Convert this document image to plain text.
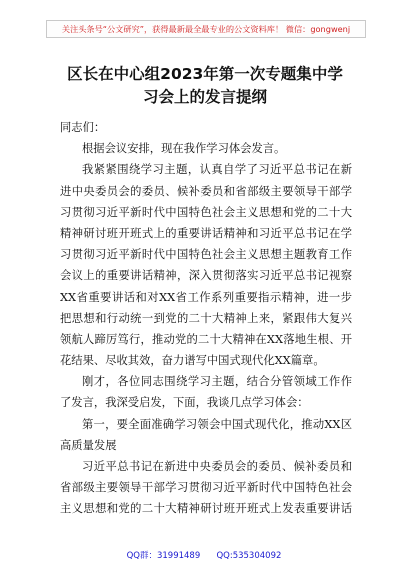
关注头条号“公文研究”，获得最新最全最专业的公文资料库！ 微信：gongwenj
区长在中心组2023年第一次专题集中学
习会上的发言提纲
同志们：
根据会议安排，现在我作学习体会发言。
我紧紧围绕学习主题，认真自学了习近平总书记在新
进中央委员会的委员、候补委员和省部级主要领导干部学
习贯彻习近平新时代中国特色社会主义思想和党的二十大
精神研讨班开班式上的重要讲话精神和习近平总书记在学
习贯彻习近平新时代中国特色社会主义思想主题教育工作
会议上的重要讲话精神，深入贯彻落实习近平总书记视察
XX省重要讲话和对XX省工作系列重要指示精神，进一步
把思想和行动统一到党的二十大精神上来，紧跟伟大复兴
领航人蹄厉笃行，推动党的二十大精神在XX落地生根、开
花结果、尽收其效，奋力谱写中国式现代化XX篇章。
刚才，各位同志围绕学习主题，结合分管领域工作作
了发言，我深受启发，下面，我谈几点学习体会：
第一，要全面准确学习领会中国式现代化，推动XX区
高质量发展
习近平总书记在新进中央委员会的委员、候补委员和
省部级主要领导干部学习贯彻习近平新时代中国特色社会
主义思想和党的二十大精神研讨班开班式上发表重要讲话
QQ群：31991489 QQ:535304092
